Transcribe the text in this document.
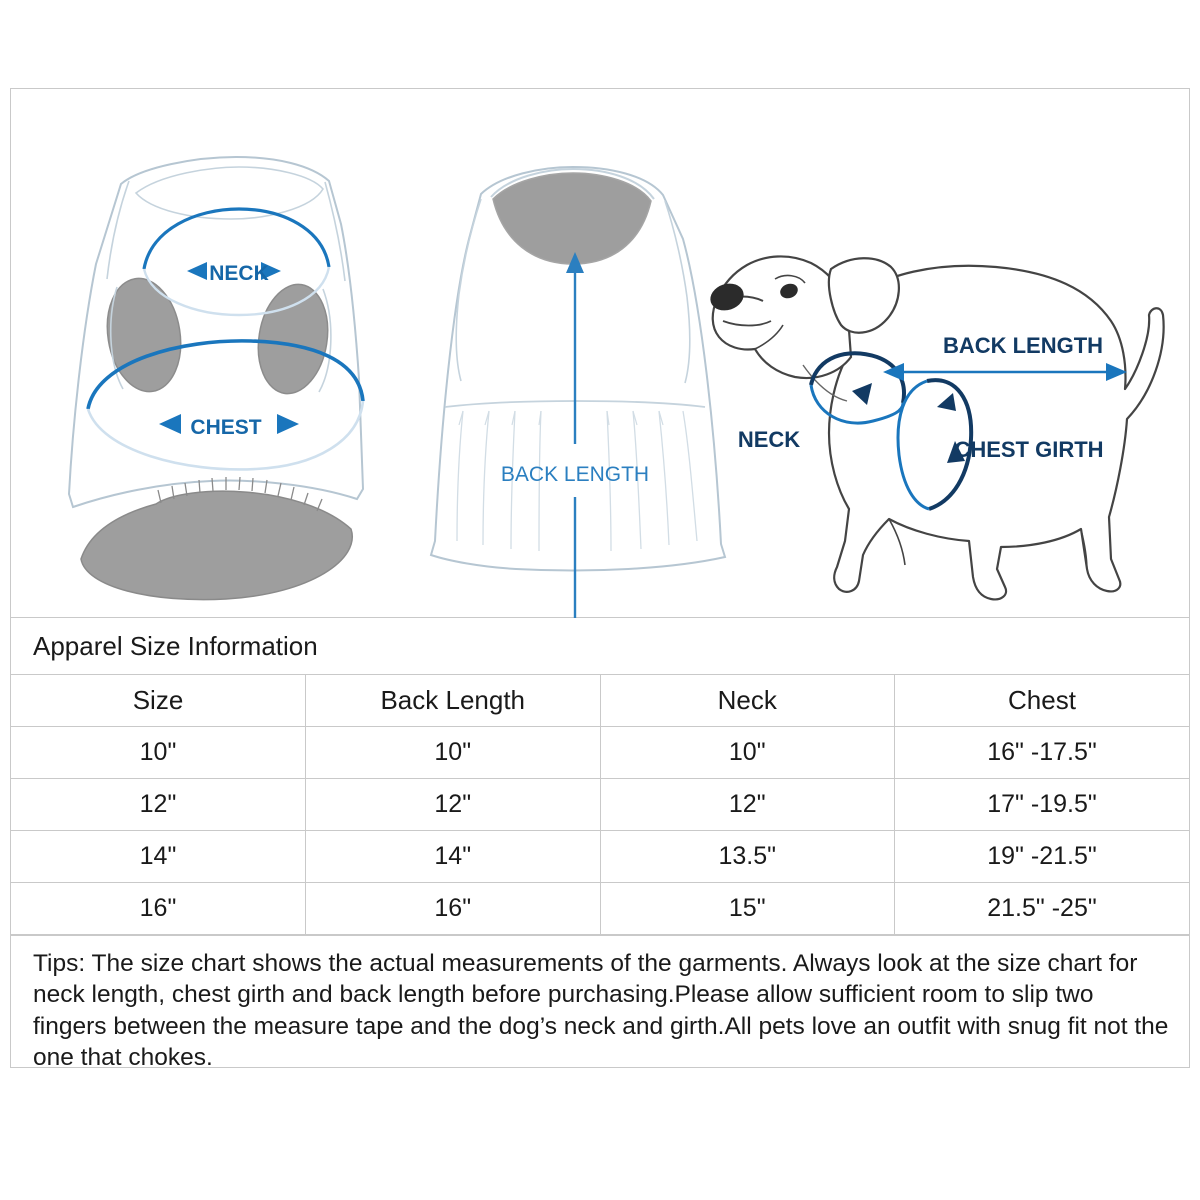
NECK
CHEST
BACK LENGTH
NECK	CHEST GIRTH
BACK LENGTH
Apparel Size Information			
Size	Back Length	Neck	Chest
10"	10"	10"	16" -17.5"
12"	12"	12"	17" -19.5"
14"	14"	13.5"	19" -21.5"
16"	16"	15"	21.5" -25"
Tips: The size chart shows the actual measurements of the garments. Always look at the size chart for neck length, chest girth and back length before purchasing.Please allow sufficient room to slip two fingers between the measure tape and the dog’s neck and girth.All pets love an outfit with snug fit not the one that chokes.
